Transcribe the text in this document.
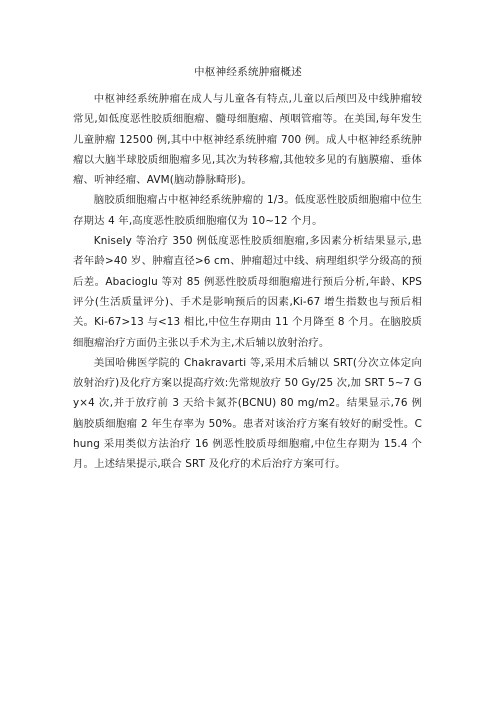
中枢神经系统肿瘤概述

中枢神经系统肿瘤在成人与儿童各有特点,儿童以后颅凹及中线肿瘤较常见,如低度恶性胶质细胞瘤、髓母细胞瘤、颅咽管瘤等。在美国,每年发生儿童肿瘤 12500 例,其中中枢神经系统肿瘤 700 例。成人中枢神经系统肿瘤以大脑半球胶质细胞瘤多见,其次为转移瘤,其他较多见的有脑膜瘤、垂体瘤、听神经瘤、AVM(脑动静脉畸形)。

脑胶质细胞瘤占中枢神经系统肿瘤的 1/3。低度恶性胶质细胞瘤中位生存期达 4 年,高度恶性胶质细胞瘤仅为 10~12 个月。

Knisely 等治疗 350 例低度恶性胶质细胞瘤,多因素分析结果显示,患者年龄>40 岁、肿瘤直径>6 cm、肿瘤超过中线、病理组织学分级高的预后差。Abacioglu 等对 85 例恶性胶质母细胞瘤进行预后分析,年龄、KPS 评分(生活质量评分)、手术是影响预后的因素,Ki-67 增生指数也与预后相关。Ki-67>13 与<13 相比,中位生存期由 11 个月降至 8 个月。在脑胶质细胞瘤治疗方面仍主张以手术为主,术后辅以放射治疗。

美国哈佛医学院的 Chakravarti 等,采用术后辅以 SRT(分次立体定向放射治疗)及化疗方案以提高疗效:先常规放疗 50 Gy/25 次,加 SRT 5~7 Gy×4 次,并于放疗前 3 天给卡氮芥(BCNU) 80 mg/m2。结果显示,76 例脑胶质细胞瘤 2 年生存率为 50%。患者对该治疗方案有较好的耐受性。Chung 采用类似方法治疗 16 例恶性胶质母细胞瘤,中位生存期为 15.4 个月。上述结果提示,联合 SRT 及化疗的术后治疗方案可行。
